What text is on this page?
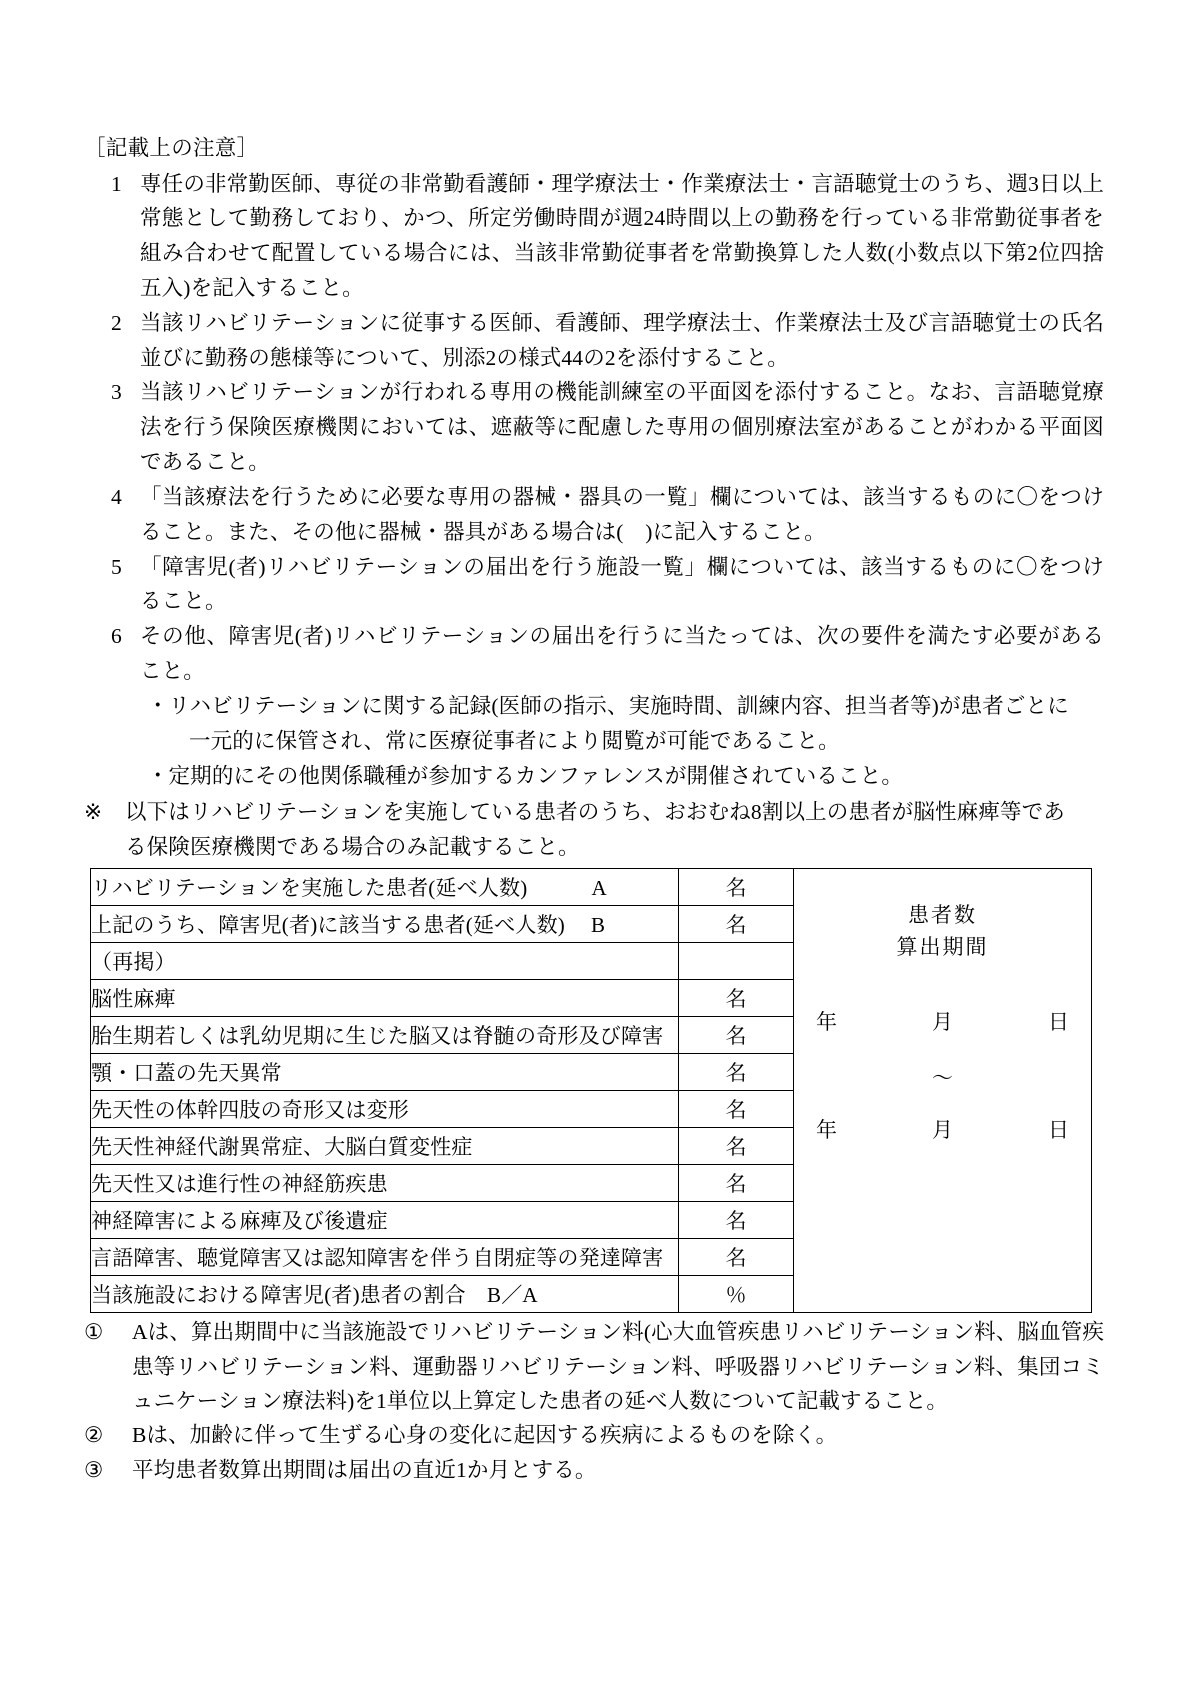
［記載上の注意］
1 専任の非常勤医師、専従の非常勤看護師・理学療法士・作業療法士・言語聴覚士のうち、週3日以上常態として勤務しており、かつ、所定労働時間が週24時間以上の勤務を行っている非常勤従事者を組み合わせて配置している場合には、当該非常勤従事者を常勤換算した人数(小数点以下第2位四捨五入)を記入すること。
2 当該リハビリテーションに従事する医師、看護師、理学療法士、作業療法士及び言語聴覚士の氏名並びに勤務の態様等について、別添2の様式44の2を添付すること。
3 当該リハビリテーションが行われる専用の機能訓練室の平面図を添付すること。なお、言語聴覚療法を行う保険医療機関においては、遮蔽等に配慮した専用の個別療法室があることがわかる平面図であること。
4 「当該療法を行うために必要な専用の器械・器具の一覧」欄については、該当するものに〇をつけること。また、その他に器械・器具がある場合は(　)に記入すること。
5 「障害児(者)リハビリテーションの届出を行う施設一覧」欄については、該当するものに〇をつけること。
6 その他、障害児(者)リハビリテーションの届出を行うに当たっては、次の要件を満たす必要があること。
・リハビリテーションに関する記録(医師の指示、実施時間、訓練内容、担当者等)が患者ごとに
一元的に保管され、常に医療従事者により閲覧が可能であること。
・定期的にその他関係職種が参加するカンファレンスが開催されていること。
※ 以下はリハビリテーションを実施している患者のうち、おおむね8割以上の患者が脳性麻痺等であ
る保険医療機関である場合のみ記載すること。
リハビリテーションを実施した患者(延べ人数)	A	名	
患者数
算出期間
年	月	日
～
年	月	日

上記のうち、障害児(者)に該当する患者(延べ人数) B	名	
（再掲）		
脳性麻痺	名	
胎生期若しくは乳幼児期に生じた脳又は脊髄の奇形及び障害	名	
顎・口蓋の先天異常	名	
先天性の体幹四肢の奇形又は変形	名	
先天性神経代謝異常症、大脳白質変性症	名	
先天性又は進行性の神経筋疾患	名	
神経障害による麻痺及び後遺症	名	
言語障害、聴覚障害又は認知障害を伴う自閉症等の発達障害	名	
当該施設における障害児(者)患者の割合　B／A	％	
① Aは、算出期間中に当該施設でリハビリテーション料(心大血管疾患リハビリテーション料、脳血管疾患等リハビリテーション料、運動器リハビリテーション料、呼吸器リハビリテーション料、集団コミュニケーション療法料)を1単位以上算定した患者の延べ人数について記載すること。
② Bは、加齢に伴って生ずる心身の変化に起因する疾病によるものを除く。
③ 平均患者数算出期間は届出の直近1か月とする。
